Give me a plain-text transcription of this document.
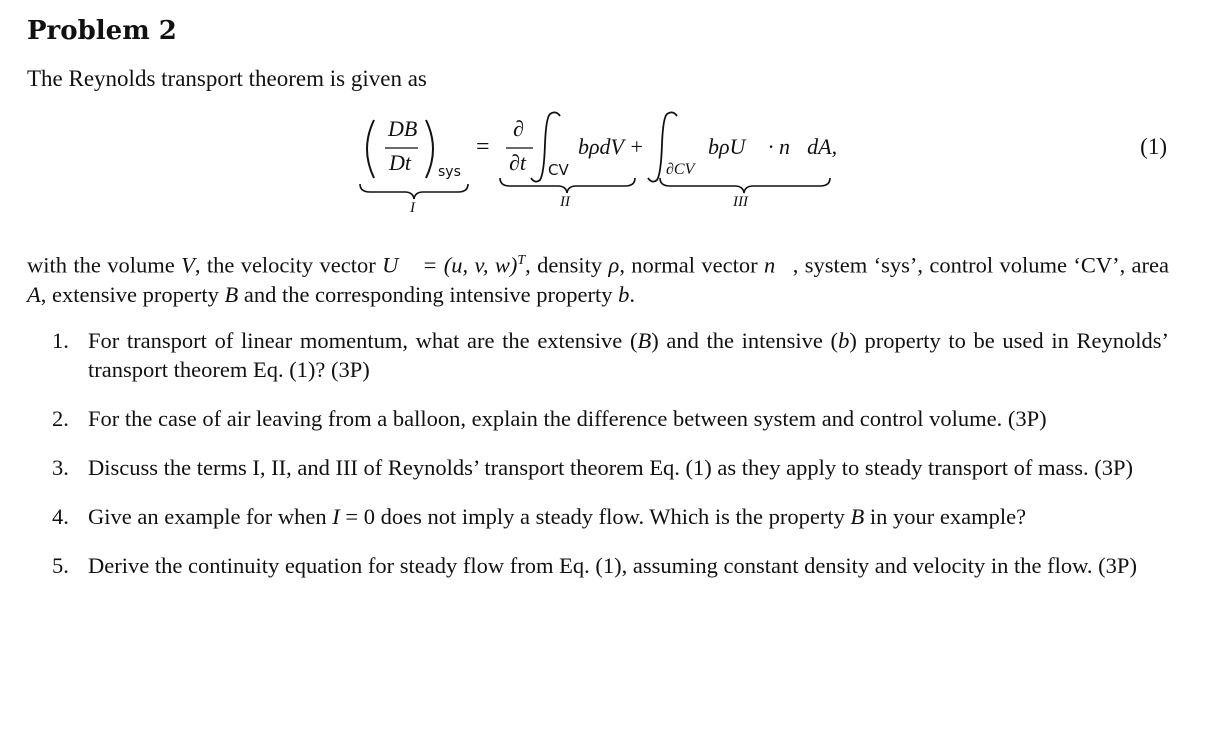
Problem 2

The Reynolds transport theorem is given as

DB
Dt sys
=
∂
∂t CV
bρdV +
∂CV
bρU⃗ · n⃗dA,
I	II	III
(1)

with the volume V, the velocity vector U⃗ = (u, v, w)$^T$, density ρ, normal vector n⃗, system ‘sys’, control volume ‘CV’, area A, extensive property B and the corresponding intensive property b.

1. For transport of linear momentum, what are the extensive (B) and the intensive (b) property to be used in Reynolds’ transport theorem Eq. (1)? (3P)
2. For the case of air leaving from a balloon, explain the difference between system and control volume. (3P)
3. Discuss the terms I, II, and III of Reynolds’ transport theorem Eq. (1) as they apply to steady transport of mass. (3P)
4. Give an example for when I = 0 does not imply a steady flow. Which is the property B in your example?
5. Derive the continuity equation for steady flow from Eq. (1), assuming constant density and velocity in the flow. (3P)
